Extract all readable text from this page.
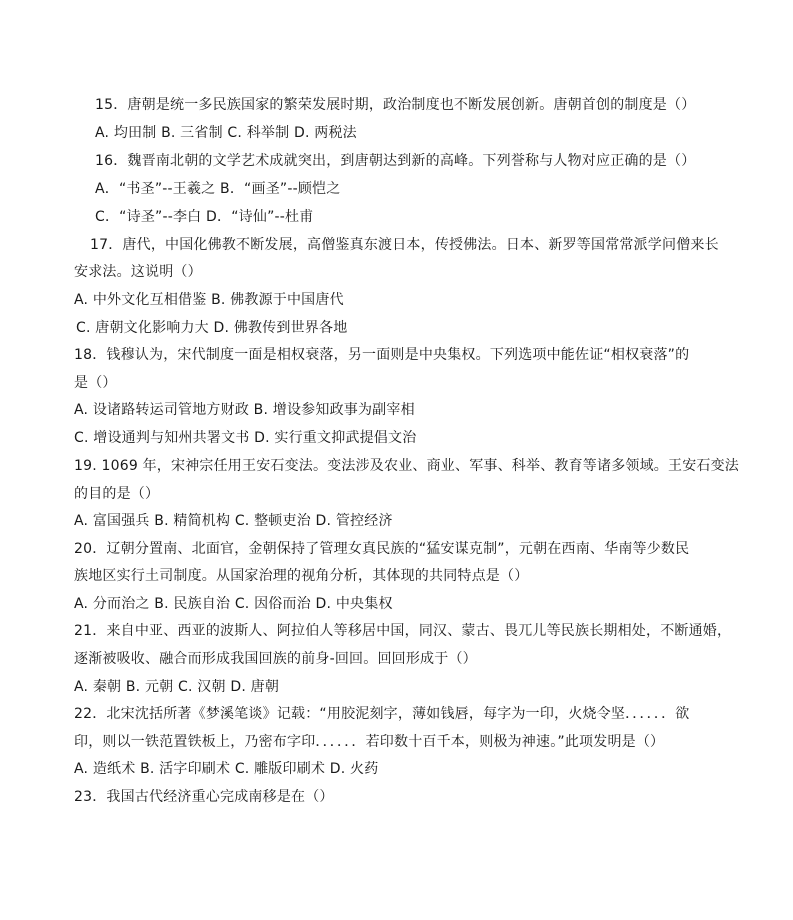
15．唐朝是统一多民族国家的繁荣发展时期，政治制度也不断发展创新。唐朝首创的制度是（）
A. 均田制 B. 三省制 C. 科举制 D. 两税法
16．魏晋南北朝的文学艺术成就突出，到唐朝达到新的高峰。下列誉称与人物对应正确的是（）
A．“书圣”--王羲之 B．“画圣”--顾恺之
C．“诗圣”--李白 D．“诗仙”--杜甫
17．唐代，中国化佛教不断发展，高僧鉴真东渡日本，传授佛法。日本、新罗等国常常派学问僧来长
安求法。这说明（）
A. 中外文化互相借鉴 B. 佛教源于中国唐代
C. 唐朝文化影响力大 D. 佛教传到世界各地
18．钱穆认为，宋代制度一面是相权衰落，另一面则是中央集权。下列选项中能佐证“相权衰落”的
是（）
A. 设诸路转运司管地方财政 B. 增设参知政事为副宰相
C. 增设通判与知州共署文书 D. 实行重文抑武提倡文治
19. 1069 年，宋神宗任用王安石变法。变法涉及农业、商业、军事、科举、教育等诸多领域。王安石变法
的目的是（）
A. 富国强兵 B. 精简机构 C. 整顿吏治 D. 管控经济
20．辽朝分置南、北面官，金朝保持了管理女真民族的“猛安谋克制”，元朝在西南、华南等少数民
族地区实行土司制度。从国家治理的视角分析，其体现的共同特点是（）
A. 分而治之 B. 民族自治 C. 因俗而治 D. 中央集权
21．来自中亚、西亚的波斯人、阿拉伯人等移居中国，同汉、蒙古、畏兀儿等民族长期相处，不断通婚，
逐渐被吸收、融合而形成我国回族的前身-回回。回回形成于（）
A. 秦朝 B. 元朝 C. 汉朝 D. 唐朝
22．北宋沈括所著《梦溪笔谈》记载：“用胶泥刻字，薄如钱唇，每字为一印，火烧令坚．．．．．．欲
印，则以一铁范置铁板上，乃密布字印．．．．．．若印数十百千本，则极为神速。”此项发明是（）
A. 造纸术 B. 活字印刷术 C. 雕版印刷术 D. 火药
23．我国古代经济重心完成南移是在（）
